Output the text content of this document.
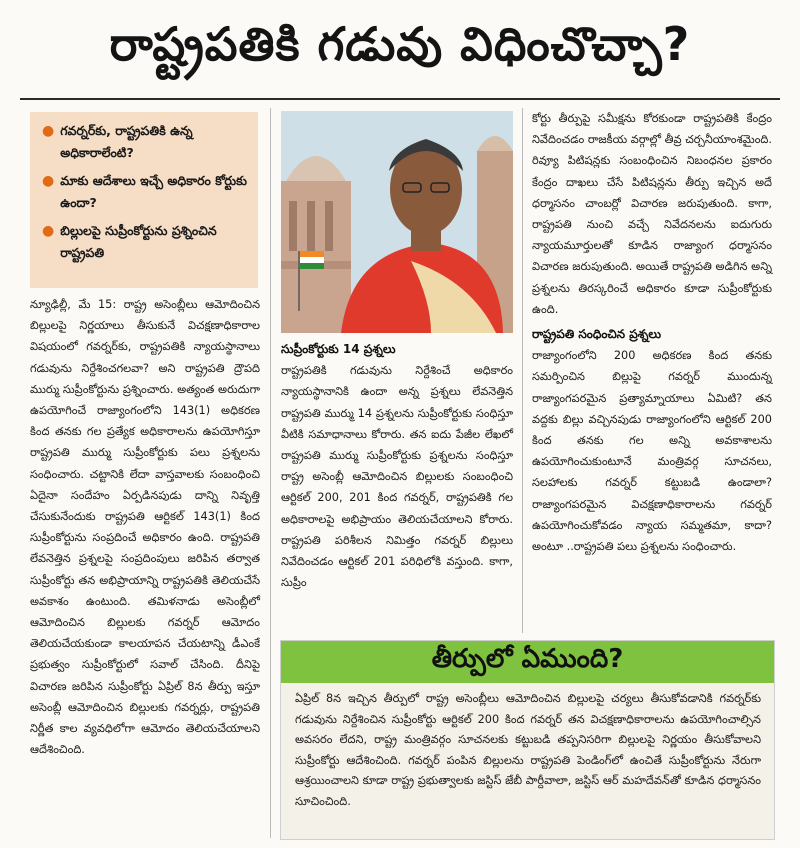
రాష్ట్రపతికి గడువు విధించొచ్చా?
● గవర్నర్‌కు, రాష్ట్రపతికి ఉన్న అధికారాలేంటి?
● మాకు ఆదేశాలు ఇచ్చే అధికారం కోర్టుకు ఉందా?
● బిల్లులపై సుప్రీంకోర్టును ప్రశ్నించిన రాష్ట్రపతి

న్యూఢిల్లీ, మే 15: రాష్ట్ర అసెంబ్లీలు ఆమోదించిన బిల్లులపై నిర్ణయాలు తీసుకునే విచక్షణాధికారాల విషయంలో గవర్నర్‌కు, రాష్ట్రపతికి న్యాయస్థానాలు గడువును నిర్దేశించగలవా? అని రాష్ట్రపతి ద్రౌపది ముర్ము సుప్రీంకోర్టును ప్రశ్నించారు. అత్యంత అరుదుగా ఉపయోగించే రాజ్యాంగంలోని 143(1) అధికరణ కింద తనకు గల ప్రత్యేక అధికారాలను ఉపయోగిస్తూ రాష్ట్రపతి ముర్ము సుప్రీంకోర్టుకు పలు ప్రశ్నలను సంధించారు. చట్టానికి లేదా వాస్తవాలకు సంబంధించి ఏదైనా సందేహం ఏర్పడినపుడు దాన్ని నివృత్తి చేసుకునేందుకు రాష్ట్రపతి ఆర్టికల్ 143(1) కింద సుప్రీంకోర్టును సంప్రదించే అధికారం ఉంది. రాష్ట్రపతి లేవనెత్తిన ప్రశ్నలపై సంప్రదింపులు జరిపిన తర్వాత సుప్రీంకోర్టు తన అభిప్రాయాన్ని రాష్ట్రపతికి తెలియచేసే అవకాశం ఉంటుంది. తమిళనాడు అసెంబ్లీలో ఆమోదించిన బిల్లులకు గవర్నర్ ఆమోదం తెలియచేయకుండా కాలయాపన చేయటాన్ని డీఎంకే ప్రభుత్వం సుప్రీంకోర్టులో సవాల్ చేసింది. దీనిపై విచారణ జరిపిన సుప్రీంకోర్టు ఏప్రిల్ 8న తీర్పు ఇస్తూ అసెంబ్లీ ఆమోదించిన బిల్లులకు గవర్నర్లు, రాష్ట్రపతి నిర్ణీత కాల వ్యవధిలోగా ఆమోదం తెలియచేయాలని ఆదేశించింది.

సుప్రీంకోర్టుకు 14 ప్రశ్నలు

రాష్ట్రపతికి గడువును నిర్దేశించే అధికారం న్యాయస్థానానికి ఉందా అన్న ప్రశ్నలు లేవనెత్తిన రాష్ట్రపతి ముర్ము 14 ప్రశ్నలను సుప్రీంకోర్టుకు సంధిస్తూ వీటికి సమాధానాలు కోరారు. తన ఐదు పేజీల లేఖలో రాష్ట్రపతి ముర్ము సుప్రీంకోర్టుకు ప్రశ్నలను సంధిస్తూ రాష్ట్ర అసెంబ్లీ ఆమోదించిన బిల్లులకు సంబంధించి ఆర్టికల్ 200, 201 కింద గవర్నర్, రాష్ట్రపతికి గల అధికారాలపై అభిప్రాయం తెలియచేయాలని కోరారు. రాష్ట్రపతి పరిశీలన నిమిత్తం గవర్నర్ బిల్లులు నివేదించడం ఆర్టికల్ 201 పరిధిలోకి వస్తుంది. కాగా, సుప్రీం

కోర్టు తీర్పుపై సమీక్షను కోరకుండా రాష్ట్రపతికి కేంద్రం నివేదించడం రాజకీయ వర్గాల్లో తీవ్ర చర్చనీయాంశమైంది. రివ్యూ పిటిషన్లకు సంబంధించిన నిబంధనల ప్రకారం కేంద్రం దాఖలు చేసే పిటిషన్లను తీర్పు ఇచ్చిన అదే ధర్మాసనం చాంబర్లో విచారణ జరుపుతుంది. కాగా, రాష్ట్రపతి నుంచి వచ్చే నివేదనలను ఐదుగురు న్యాయమూర్తులతో కూడిన రాజ్యాంగ ధర్మాసనం విచారణ జరుపుతుంది. అయితే రాష్ట్రపతి అడిగిన అన్ని ప్రశ్నలను తిరస్కరించే అధికారం కూడా సుప్రీంకోర్టుకు ఉంది.

రాష్ట్రపతి సంధించిన ప్రశ్నలు

రాజ్యాంగంలోని 200 అధికరణ కింద తనకు సమర్పించిన బిల్లుపై గవర్నర్ ముందున్న రాజ్యాంగపరమైన ప్రత్యామ్నాయాలు ఏమిటి? తన వద్దకు బిల్లు వచ్చినపుడు రాజ్యాంగంలోని ఆర్టికల్ 200 కింద తనకు గల అన్ని అవకాశాలను ఉపయోగించుకుంటూనే మంత్రివర్గ సూచనలు, సలహాలకు గవర్నర్ కట్టుబడి ఉండాలా? రాజ్యాంగపరమైన విచక్షణాధికారాలను గవర్నర్ ఉపయోగించుకోవడం న్యాయ సమ్మతమా, కాదా? అంటూ ..రాష్ట్రపతి పలు ప్రశ్నలను సంధించారు.

తీర్పులో ఏముంది?
ఏప్రిల్ 8న ఇచ్చిన తీర్పులో రాష్ట్ర అసెంబ్లీలు ఆమోదించిన బిల్లులపై చర్యలు తీసుకోవడానికి గవర్నర్‌కు గడువును నిర్దేశించిన సుప్రీంకోర్టు ఆర్టికల్ 200 కింద గవర్నర్ తన విచక్షణాధికారాలను ఉపయోగించాల్సిన అవసరం లేదని, రాష్ట్ర మంత్రివర్గం సూచనలకు కట్టుబడి తప్పనిసరిగా బిల్లులపై నిర్ణయం తీసుకోవాలని సుప్రీంకోర్టు ఆదేశించింది. గవర్నర్ పంపిన బిల్లులను రాష్ట్రపతి పెండింగ్‌లో ఉంచితే సుప్రీంకోర్టును నేరుగా ఆశ్రయించాలని కూడా రాష్ట్ర ప్రభుత్వాలకు జస్టిస్ జేబీ పార్దీవాలా, జస్టిస్ ఆర్ మహదేవన్‌తో కూడిన ధర్మాసనం సూచించింది.
